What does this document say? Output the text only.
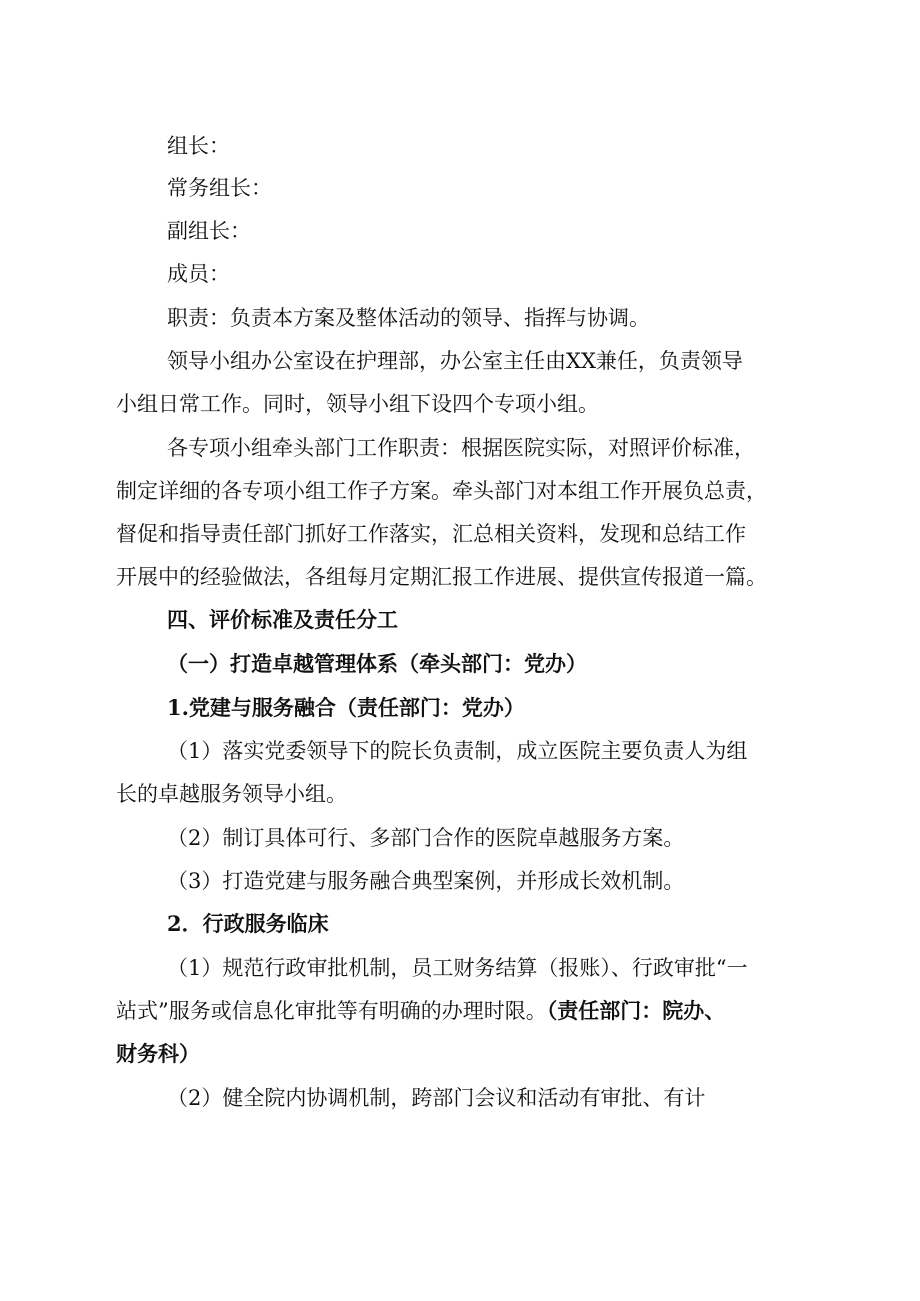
组长：
常务组长：
副组长：
成员：
职责：负责本方案及整体活动的领导、指挥与协调。
领导小组办公室设在护理部，办公室主任由XX兼任，负责领导
小组日常工作。同时，领导小组下设四个专项小组。
各专项小组牵头部门工作职责：根据医院实际，对照评价标准，
制定详细的各专项小组工作子方案。牵头部门对本组工作开展负总责，
督促和指导责任部门抓好工作落实，汇总相关资料，发现和总结工作
开展中的经验做法，各组每月定期汇报工作进展、提供宣传报道一篇。
四、评价标准及责任分工
（一）打造卓越管理体系（牵头部门：党办）
1.党建与服务融合（责任部门：党办）
（1）落实党委领导下的院长负责制，成立医院主要负责人为组
长的卓越服务领导小组。
（2）制订具体可行、多部门合作的医院卓越服务方案。
（3）打造党建与服务融合典型案例，并形成长效机制。
2．行政服务临床
（1）规范行政审批机制，员工财务结算（报账）、行政审批“一
站式”服务或信息化审批等有明确的办理时限。（责任部门：院办、
财务科）
（2）健全院内协调机制，跨部门会议和活动有审批、有计
